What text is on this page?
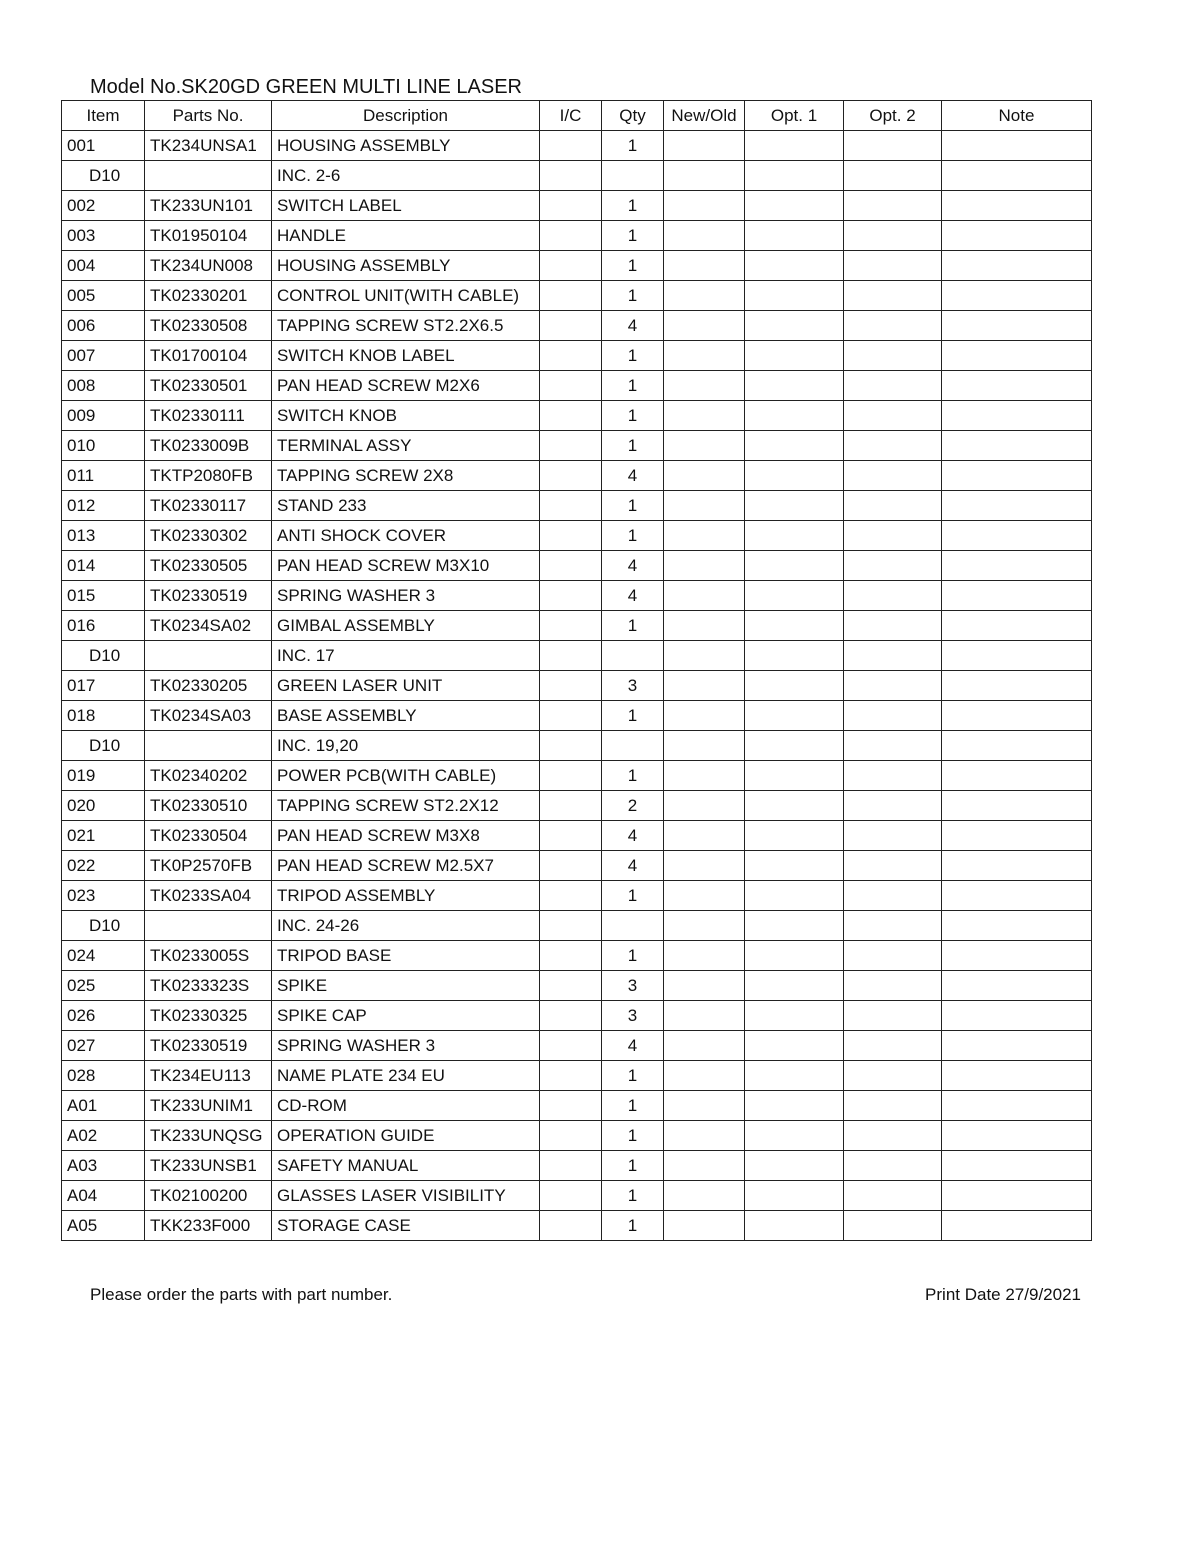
Model No.SK20GD GREEN MULTI LINE LASER
Item	Parts No.	Description	I/C	Qty	New/Old	Opt. 1	Opt. 2	Note
001	TK234UNSA1	HOUSING ASSEMBLY		1				
D10		INC. 2-6						
002	TK233UN101	SWITCH LABEL		1				
003	TK01950104	HANDLE		1				
004	TK234UN008	HOUSING ASSEMBLY		1				
005	TK02330201	CONTROL UNIT(WITH CABLE)		1				
006	TK02330508	TAPPING SCREW ST2.2X6.5		4				
007	TK01700104	SWITCH KNOB LABEL		1				
008	TK02330501	PAN HEAD SCREW M2X6		1				
009	TK02330111	SWITCH KNOB		1				
010	TK0233009B	TERMINAL ASSY		1				
011	TKTP2080FB	TAPPING SCREW 2X8		4				
012	TK02330117	STAND 233		1				
013	TK02330302	ANTI SHOCK COVER		1				
014	TK02330505	PAN HEAD SCREW M3X10		4				
015	TK02330519	SPRING WASHER 3		4				
016	TK0234SA02	GIMBAL ASSEMBLY		1				
D10		INC. 17						
017	TK02330205	GREEN LASER UNIT		3				
018	TK0234SA03	BASE ASSEMBLY		1				
D10		INC. 19,20						
019	TK02340202	POWER PCB(WITH CABLE)		1				
020	TK02330510	TAPPING SCREW ST2.2X12		2				
021	TK02330504	PAN HEAD SCREW M3X8		4				
022	TK0P2570FB	PAN HEAD SCREW M2.5X7		4				
023	TK0233SA04	TRIPOD ASSEMBLY		1				
D10		INC. 24-26						
024	TK0233005S	TRIPOD BASE		1				
025	TK0233323S	SPIKE		3				
026	TK02330325	SPIKE CAP		3				
027	TK02330519	SPRING WASHER 3		4				
028	TK234EU113	NAME PLATE 234 EU		1				
A01	TK233UNIM1	CD-ROM		1				
A02	TK233UNQSG	OPERATION GUIDE		1				
A03	TK233UNSB1	SAFETY MANUAL		1				
A04	TK02100200	GLASSES LASER VISIBILITY		1				
A05	TKK233F000	STORAGE CASE		1				
Please order the parts with part number.	Print Date 27/9/2021
